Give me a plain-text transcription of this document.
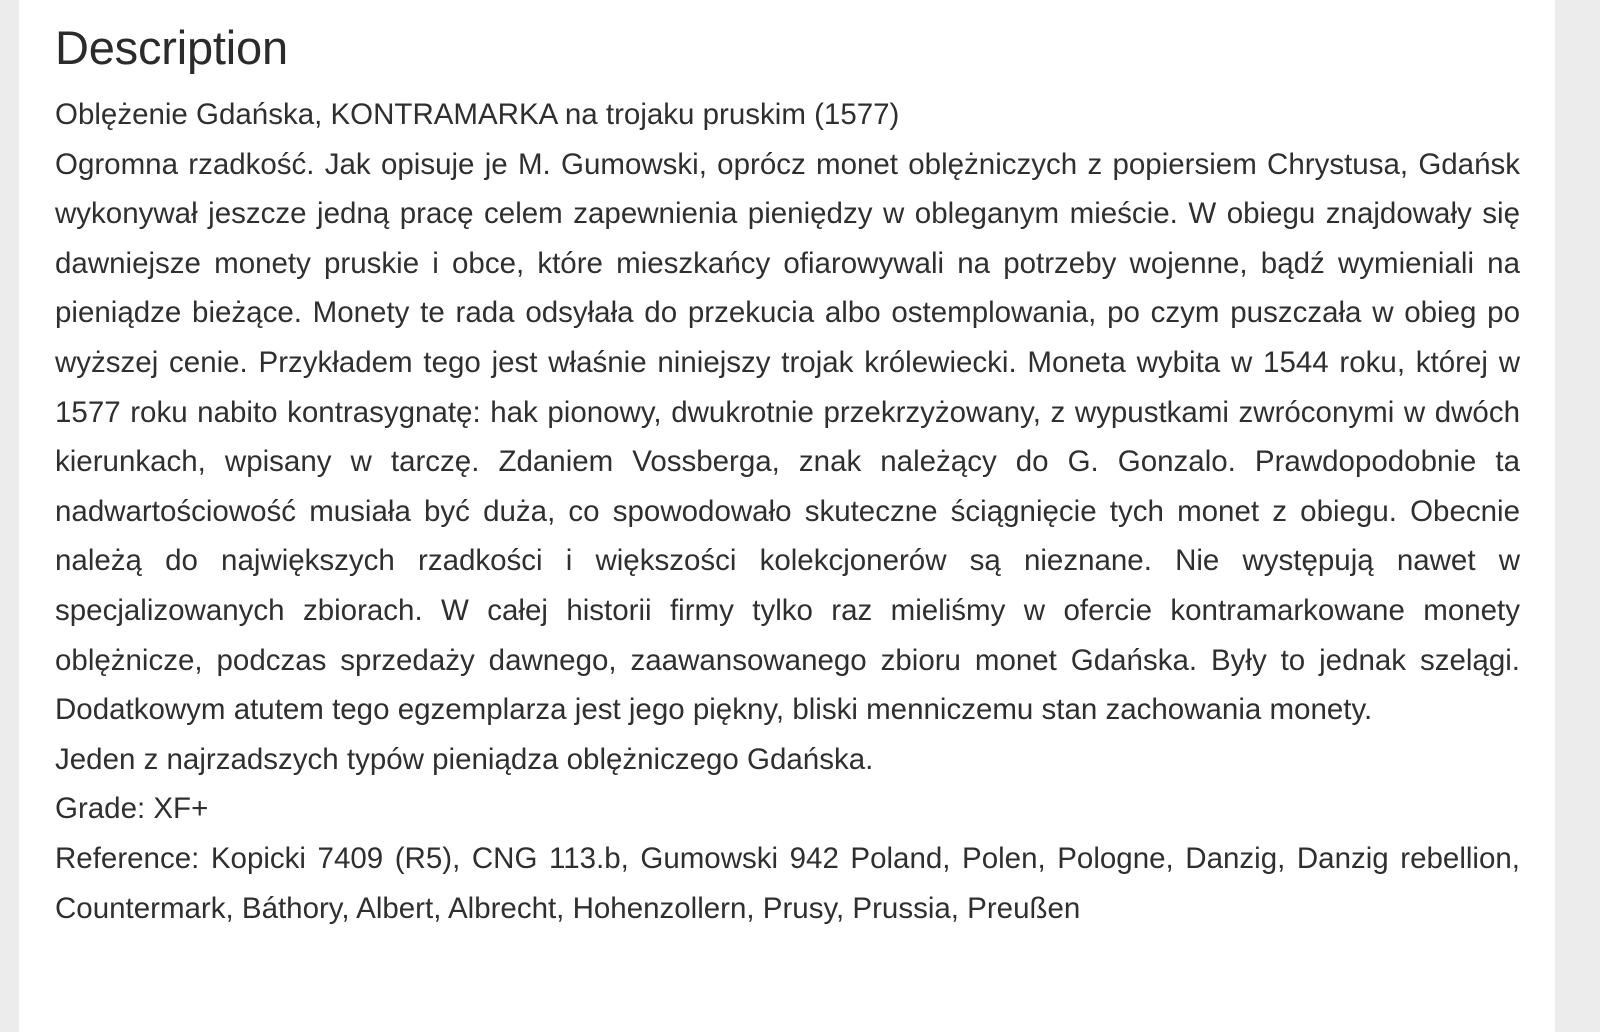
Description

Oblężenie Gdańska, KONTRAMARKA na trojaku pruskim (1577)

Ogromna rzadkość. Jak opisuje je M. Gumowski, oprócz monet oblężniczych z popiersiem Chrystusa, Gdańsk wykonywał jeszcze jedną pracę celem zapewnienia pieniędzy w obleganym mieście. W obiegu znajdowały się dawniejsze monety pruskie i obce, które mieszkańcy ofiarowywali na potrzeby wojenne, bądź wymieniali na pieniądze bieżące. Monety te rada odsyłała do przekucia albo ostemplowania, po czym puszczała w obieg po wyższej cenie. Przykładem tego jest właśnie niniejszy trojak królewiecki. Moneta wybita w 1544 roku, której w 1577 roku nabito kontrasygnatę: hak pionowy, dwukrotnie przekrzyżowany, z wypustkami zwróconymi w dwóch kierunkach, wpisany w tarczę. Zdaniem Vossberga, znak należący do G. Gonzalo. Prawdopodobnie ta nadwartościowość musiała być duża, co spowodowało skuteczne ściągnięcie tych monet z obiegu. Obecnie należą do największych rzadkości i większości kolekcjonerów są nieznane. Nie występują nawet w specjalizowanych zbiorach. W całej historii firmy tylko raz mieliśmy w ofercie kontramarkowane monety oblężnicze, podczas sprzedaży dawnego, zaawansowanego zbioru monet Gdańska. Były to jednak szelągi. Dodatkowym atutem tego egzemplarza jest jego piękny, bliski menniczemu stan zachowania monety.

Jeden z najrzadszych typów pieniądza oblężniczego Gdańska.

Grade: XF+

Reference: Kopicki 7409 (R5), CNG 113.b, Gumowski 942 Poland, Polen, Pologne, Danzig, Danzig rebellion, Countermark, Báthory, Albert, Albrecht, Hohenzollern, Prusy, Prussia, Preußen
